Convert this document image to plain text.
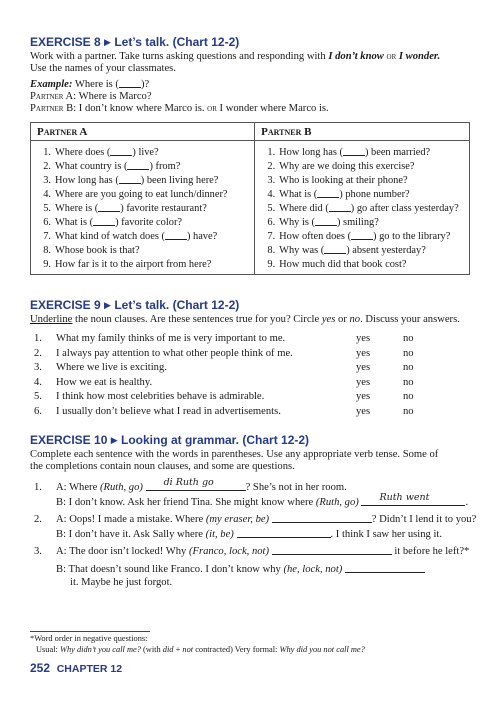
EXERCISE 8 ▶ Let’s talk. (Chart 12-2)
Work with a partner. Take turns asking questions and responding with I don’t know or I wonder.
Use the names of your classmates.
Example: Where is ( )?
Partner A: Where is Marco?
Partner B: I don’t know where Marco is. or I wonder where Marco is.
Partner A	Partner B
1. Where does ( ) live?	1. How long has ( ) been married?
2. What country is ( ) from?	2. Why are we doing this exercise?
3. How long has ( ) been living here?	3. Who is looking at their phone?
4. Where are you going to eat lunch/dinner?	4. What is ( ) phone number?
5. Where is ( ) favorite restaurant?	5. Where did ( ) go after class yesterday?
6. What is ( ) favorite color?	6. Why is ( ) smiling?
7. What kind of watch does ( ) have?	7. How often does ( ) go to the library?
8. Whose book is that?	8. Why was ( ) absent yesterday?
9. How far is it to the airport from here?	9. How much did that book cost?
EXERCISE 9 ▶ Let’s talk. (Chart 12-2)
Underline the noun clauses. Are these sentences true for you? Circle yes or no. Discuss your answers.
1. What my family thinks of me is very important to me.	yes	no
2. I always pay attention to what other people think of me.	yes	no
3. Where we live is exciting.	yes	no
4. How we eat is healthy.	yes	no
5. I think how most celebrities behave is admirable.	yes	no
6. I usually don’t believe what I read in advertisements.	yes	no
EXERCISE 10 ▶ Looking at grammar. (Chart 12-2)
Complete each sentence with the words in parentheses. Use any appropriate verb tense. Some of
the completions contain noun clauses, and some are questions.
1. A: Where (Ruth, go) di Ruth go	? She’s not in her room.
B: I don’t know. Ask her friend Tina. She might know where (Ruth, go) Ruth went	.
2. A: Oops! I made a mistake. Where (my eraser, be)	? Didn’t I lend it to you?
B: I don’t have it. Ask Sally where (it, be)	. I think I saw her using it.
3. A: The door isn’t locked! Why (Franco, lock, not)	it before he left?*
B: That doesn’t sound like Franco. I don’t know why (he, lock, not)
it. Maybe he just forgot.
*Word order in negative questions:
Usual: Why didn’t you call me? (with did + not contracted) Very formal: Why did you not call me?
252 CHAPTER 12
